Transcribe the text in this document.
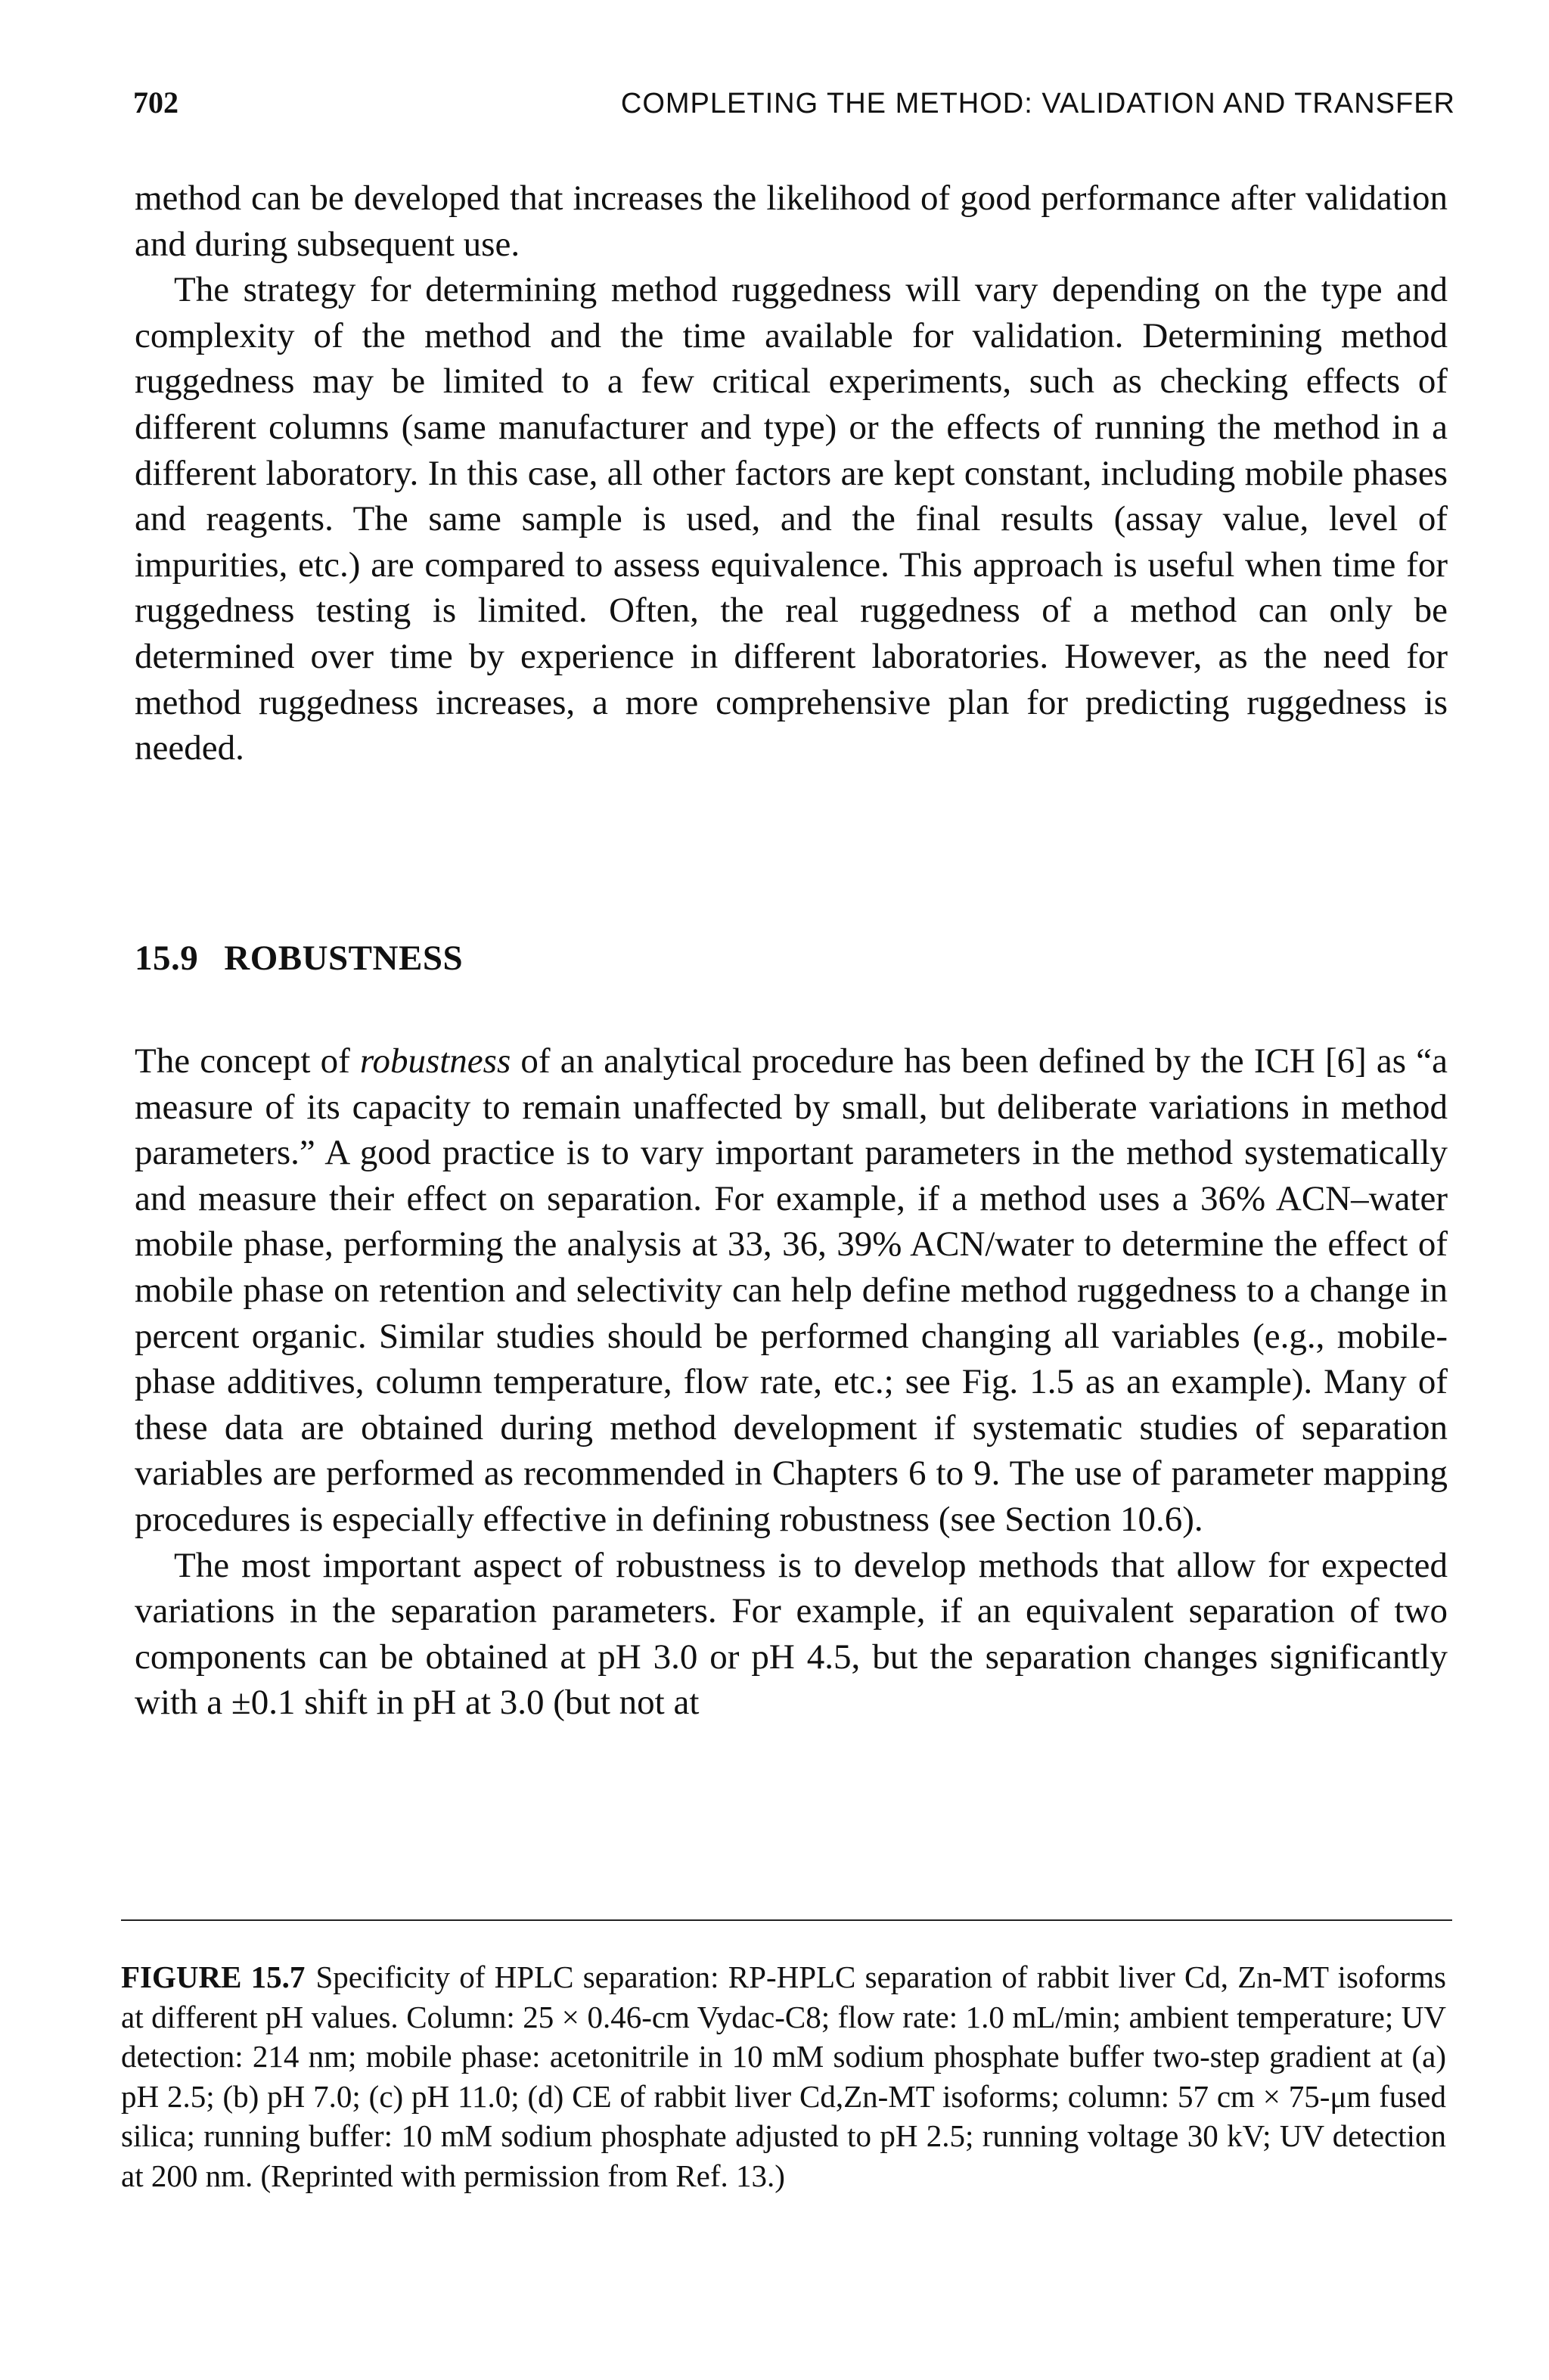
702	COMPLETING THE METHOD: VALIDATION AND TRANSFER

method can be developed that increases the likelihood of good performance after validation and during subsequent use.

The strategy for determining method ruggedness will vary depending on the type and complexity of the method and the time available for validation. Determining method ruggedness may be limited to a few critical experiments, such as checking effects of different columns (same manufacturer and type) or the effects of running the method in a different laboratory. In this case, all other factors are kept constant, including mobile phases and reagents. The same sample is used, and the final results (assay value, level of impurities, etc.) are compared to assess equivalence. This approach is useful when time for ruggedness testing is limited. Often, the real ruggedness of a method can only be determined over time by experience in different laboratories. However, as the need for method ruggedness increases, a more comprehensive plan for predicting ruggedness is needed.

15.9 ROBUSTNESS

The concept of robustness of an analytical procedure has been defined by the ICH [6] as “a measure of its capacity to remain unaffected by small, but deliberate variations in method parameters.” A good practice is to vary important parameters in the method systematically and measure their effect on separation. For example, if a method uses a 36% ACN–water mobile phase, performing the analysis at 33, 36, 39% ACN/water to determine the effect of mobile phase on retention and selectivity can help define method ruggedness to a change in percent organic. Similar studies should be performed changing all variables (e.g., mobile-phase additives, column temperature, flow rate, etc.; see Fig. 1.5 as an example). Many of these data are obtained during method development if systematic studies of separation variables are performed as recommended in Chapters 6 to 9. The use of parameter mapping procedures is especially effective in defining robustness (see Section 10.6).

The most important aspect of robustness is to develop methods that allow for expected variations in the separation parameters. For example, if an equivalent separation of two components can be obtained at pH 3.0 or pH 4.5, but the separation changes significantly with a ±0.1 shift in pH at 3.0 (but not at

FIGURE 15.7 Specificity of HPLC separation: RP-HPLC separation of rabbit liver Cd, Zn-MT isoforms at different pH values. Column: 25 × 0.46-cm Vydac-C8; flow rate: 1.0 mL/min; ambient temperature; UV detection: 214 nm; mobile phase: acetonitrile in 10 mM sodium phosphate buffer two-step gradient at (a) pH 2.5; (b) pH 7.0; (c) pH 11.0; (d) CE of rabbit liver Cd,Zn-MT isoforms; column: 57 cm × 75-μm fused silica; running buffer: 10 mM sodium phosphate adjusted to pH 2.5; running voltage 30 kV; UV detection at 200 nm. (Reprinted with permission from Ref. 13.)
